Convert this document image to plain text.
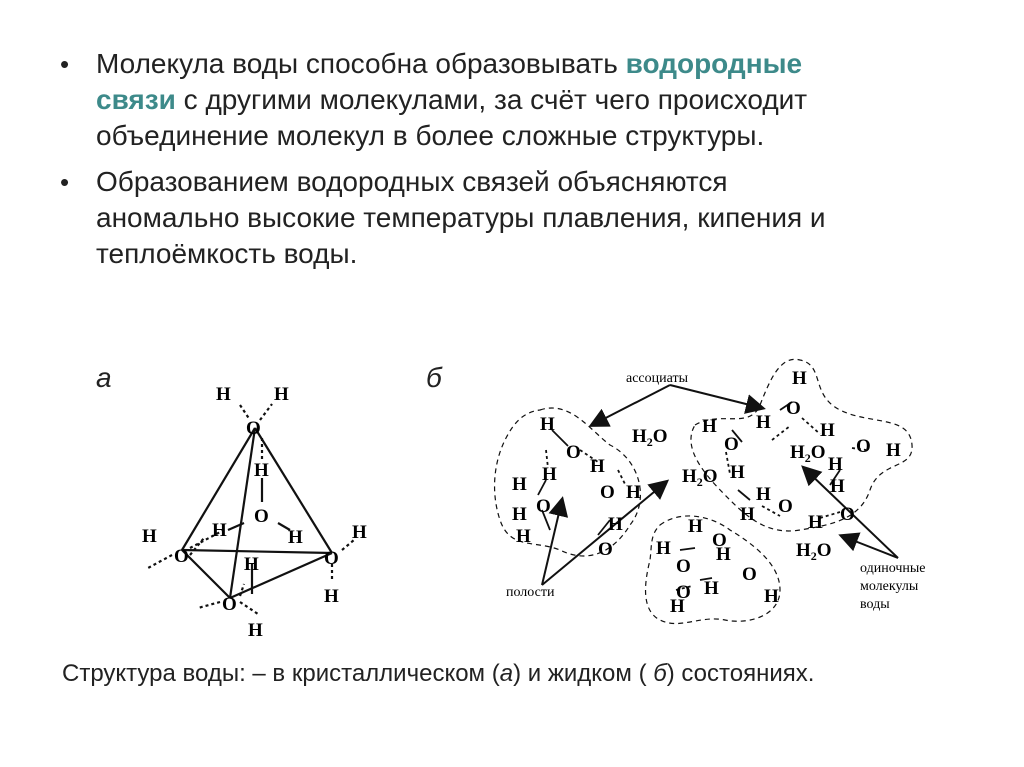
• Молекула воды способна образовывать водородные связи с другими молекулами, за счёт чего происходит объединение молекул в более сложные структуры.
• Образованием водородных связей объясняются аномально высокие температуры плавления, кипения и теплоёмкость воды.
а	б
H H
O
H
O
H	H
H
O	H	O
H
H
O
H
ассоциаты
полости
одиночные
молекулы
воды
H
O
H
H
H
O
H
H
O H
H
O
H
O
H	H
H
O
H
O H
H
H
O
H	H O
H
H
O
H
O
H
O
O H
H	H
$H_2O$
$H_2O$
$H_2O$
$H_2O$
Структура воды: – в кристаллическом (а) и жидком ( б) состояниях.
